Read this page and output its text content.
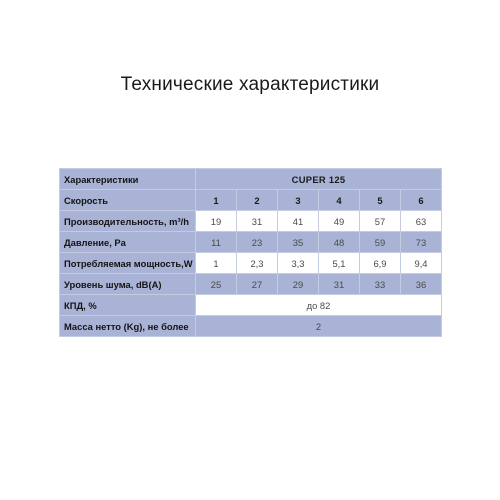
Технические характеристики
Характеристики	CUPER 125					
Скорость	1	2	3	4	5	6
Производительность, m³/h	19	31	41	49	57	63
Давление, Pa	11	23	35	48	59	73
Потребляемая мощность,W	1	2,3	3,3	5,1	6,9	9,4
Уровень шума, dB(A)	25	27	29	31	33	36
КПД, %	до 82					
Масса нетто (Kg), не более	2					
